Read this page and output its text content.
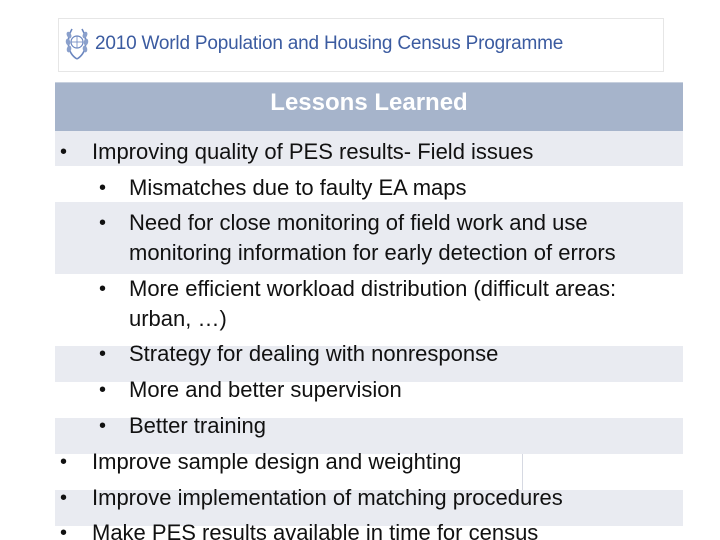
2010 World Population and Housing Census Programme
Lessons Learned
• Improving quality of PES results- Field issues
• Mismatches due to faulty EA maps
• Need for close monitoring of field work and use
monitoring information for early detection of errors
• More efficient workload distribution (difficult areas:
urban, …)
• Strategy for dealing with nonresponse
• More and better supervision
• Better training
• Improve sample design and weighting
• Improve implementation of matching procedures
• Make PES results available in time for census
